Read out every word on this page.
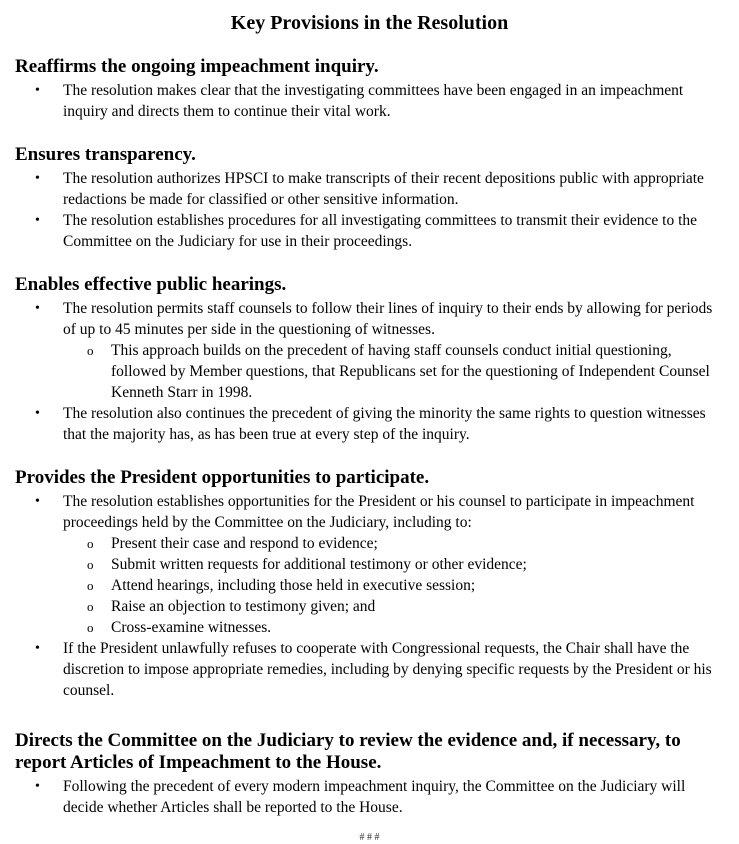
Key Provisions in the Resolution
Reaffirms the ongoing impeachment inquiry.
• The resolution makes clear that the investigating committees have been engaged in an impeachment inquiry and directs them to continue their vital work.
Ensures transparency.
• The resolution authorizes HPSCI to make transcripts of their recent depositions public with appropriate redactions be made for classified or other sensitive information.
• The resolution establishes procedures for all investigating committees to transmit their evidence to the Committee on the Judiciary for use in their proceedings.
Enables effective public hearings.
• The resolution permits staff counsels to follow their lines of inquiry to their ends by allowing for periods of up to 45 minutes per side in the questioning of witnesses.
o This approach builds on the precedent of having staff counsels conduct initial questioning, followed by Member questions, that Republicans set for the questioning of Independent Counsel Kenneth Starr in 1998.
• The resolution also continues the precedent of giving the minority the same rights to question witnesses that the majority has, as has been true at every step of the inquiry.
Provides the President opportunities to participate.
• The resolution establishes opportunities for the President or his counsel to participate in impeachment proceedings held by the Committee on the Judiciary, including to:
o Present their case and respond to evidence;
o Submit written requests for additional testimony or other evidence;
o Attend hearings, including those held in executive session;
o Raise an objection to testimony given; and
o Cross-examine witnesses.
• If the President unlawfully refuses to cooperate with Congressional requests, the Chair shall have the discretion to impose appropriate remedies, including by denying specific requests by the President or his counsel.
Directs the Committee on the Judiciary to review the evidence and, if necessary, to report Articles of Impeachment to the House.
• Following the precedent of every modern impeachment inquiry, the Committee on the Judiciary will decide whether Articles shall be reported to the House.
# # #
